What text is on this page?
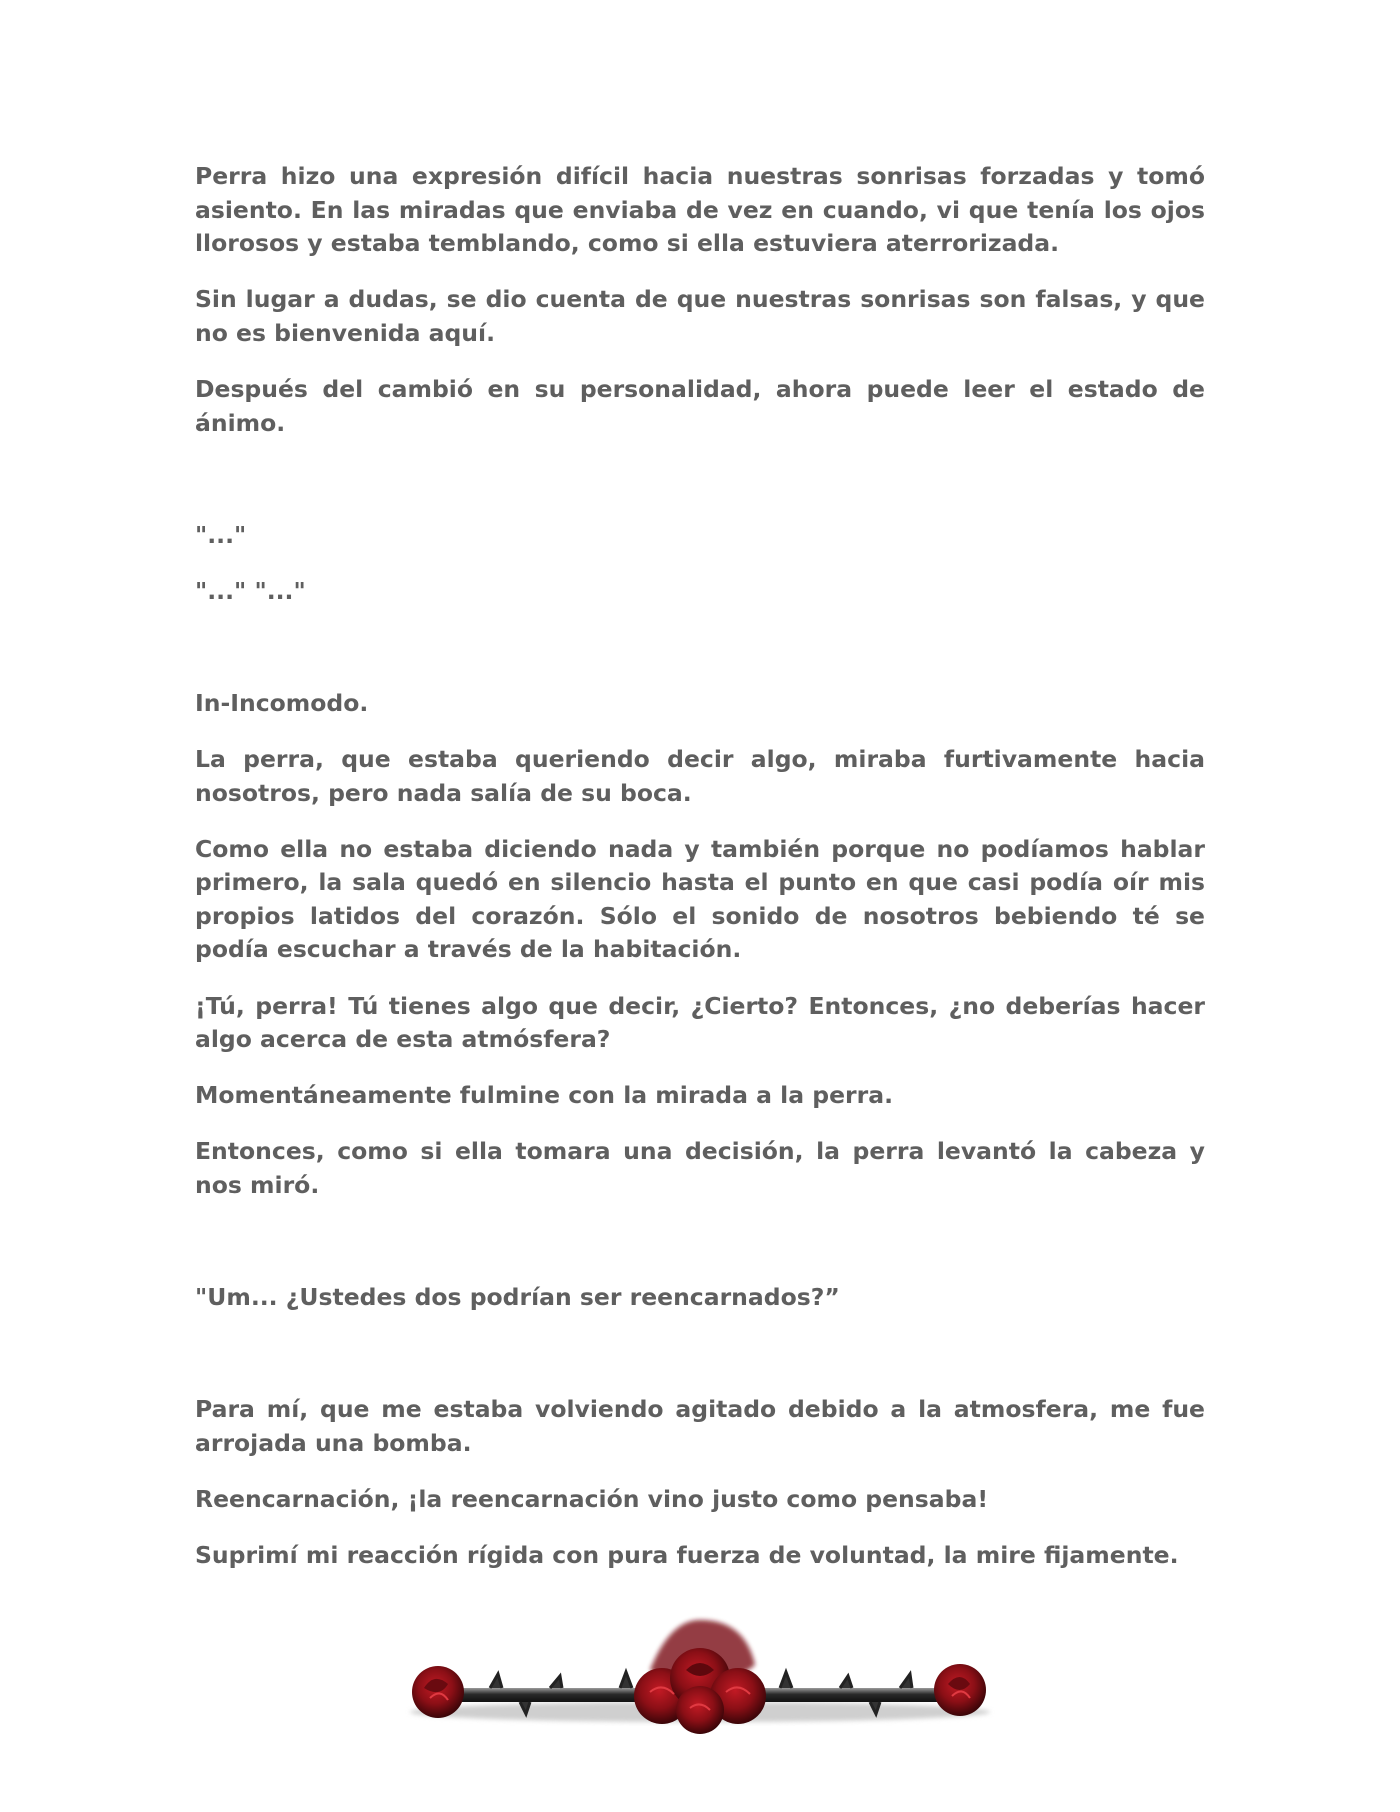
Perra hizo una expresión difícil hacia nuestras sonrisas forzadas y tomó asiento. En las miradas que enviaba de vez en cuando, vi que tenía los ojos llorosos y estaba temblando, como si ella estuviera aterrorizada.

Sin lugar a dudas, se dio cuenta de que nuestras sonrisas son falsas, y que no es bienvenida aquí.

Después del cambió en su personalidad, ahora puede leer el estado de ánimo.

"..."

"..." "..."

In-Incomodo.

La perra, que estaba queriendo decir algo, miraba furtivamente hacia nosotros, pero nada salía de su boca.

Como ella no estaba diciendo nada y también porque no podíamos hablar primero, la sala quedó en silencio hasta el punto en que casi podía oír mis propios latidos del corazón. Sólo el sonido de nosotros bebiendo té se podía escuchar a través de la habitación.

¡Tú, perra! Tú tienes algo que decir, ¿Cierto? Entonces, ¿no deberías hacer algo acerca de esta atmósfera?

Momentáneamente fulmine con la mirada a la perra.

Entonces, como si ella tomara una decisión, la perra levantó la cabeza y nos miró.

"Um... ¿Ustedes dos podrían ser reencarnados?”

Para mí, que me estaba volviendo agitado debido a la atmosfera, me fue arrojada una bomba.

Reencarnación, ¡la reencarnación vino justo como pensaba!

Suprimí mi reacción rígida con pura fuerza de voluntad, la mire fijamente.
